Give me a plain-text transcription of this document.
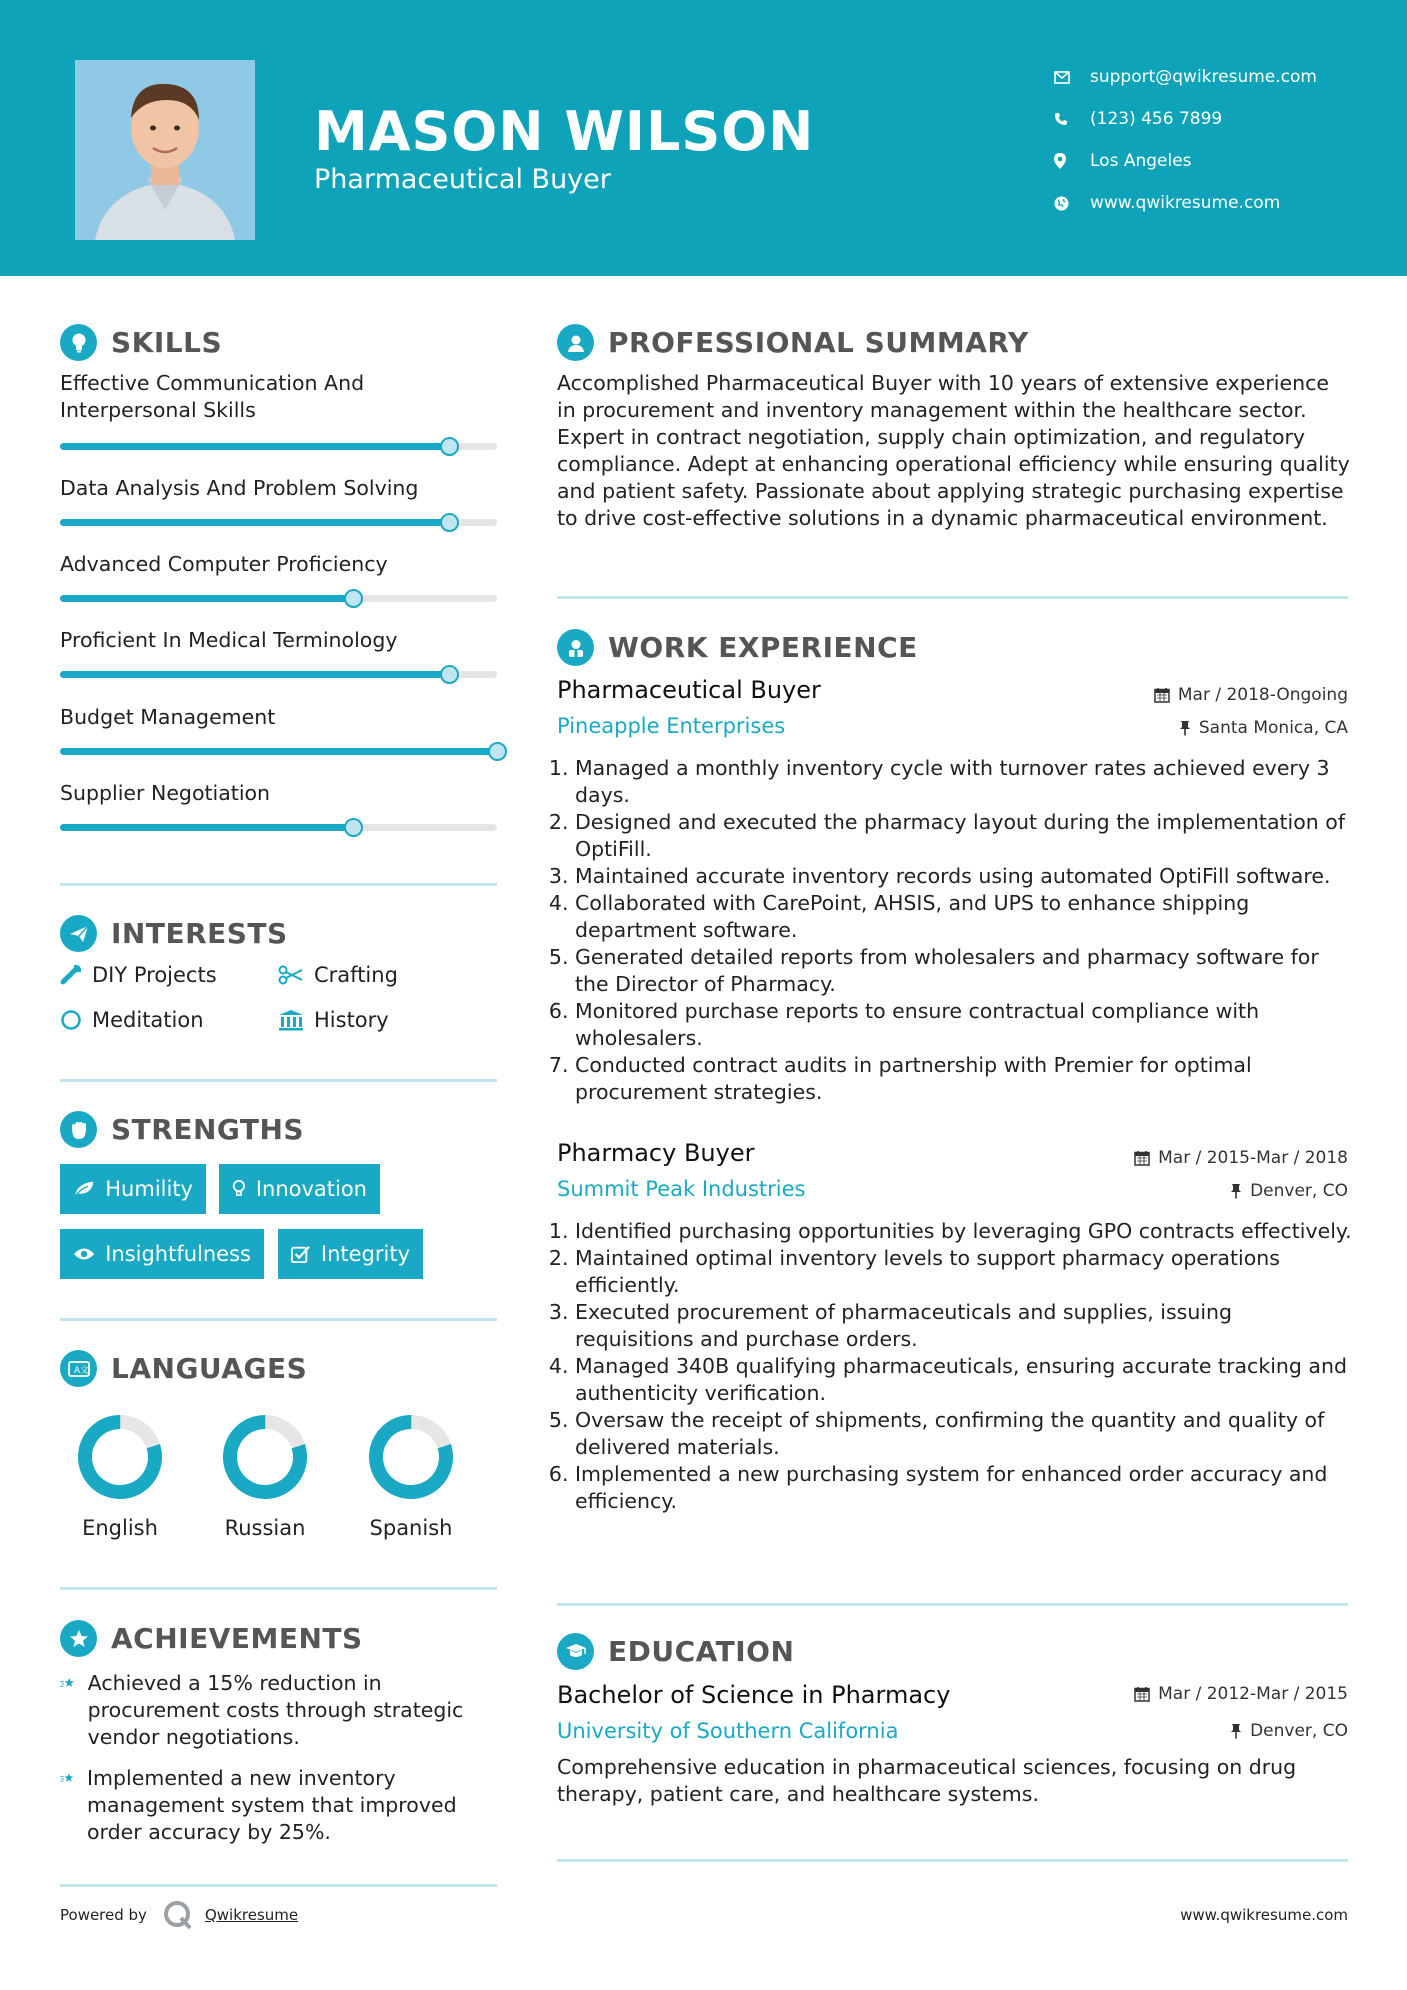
MASON WILSON
Pharmaceutical Buyer
support@qwikresume.com
(123) 456 7899
Los Angeles
www.qwikresume.com
SKILLS
Effective Communication And Interpersonal Skills
Data Analysis And Problem Solving
Advanced Computer Proficiency
Proficient In Medical Terminology
Budget Management
Supplier Negotiation
INTERESTS
DIY Projects	Crafting
Meditation	History
STRENGTHS
Humility	Innovation
Insightfulness	Integrity
A 文 LANGUAGES
English	Russian	Spanish
ACHIEVEMENTS
Achieved a 15% reduction in procurement costs through strategic vendor negotiations.
Implemented a new inventory management system that improved order accuracy by 25%.
PROFESSIONAL SUMMARY
Accomplished Pharmaceutical Buyer with 10 years of extensive experience in procurement and inventory management within the healthcare sector. Expert in contract negotiation, supply chain optimization, and regulatory compliance. Adept at enhancing operational efficiency while ensuring quality and patient safety. Passionate about applying strategic purchasing expertise to drive cost-effective solutions in a dynamic pharmaceutical environment.
WORK EXPERIENCE
Pharmaceutical Buyer	Mar / 2018-Ongoing
Pineapple Enterprises	Santa Monica, CA
1. Managed a monthly inventory cycle with turnover rates achieved every 3 days.
2. Designed and executed the pharmacy layout during the implementation of OptiFill.
3. Maintained accurate inventory records using automated OptiFill software.
4. Collaborated with CarePoint, AHSIS, and UPS to enhance shipping department software.
5. Generated detailed reports from wholesalers and pharmacy software for the Director of Pharmacy.
6. Monitored purchase reports to ensure contractual compliance with wholesalers.
7. Conducted contract audits in partnership with Premier for optimal procurement strategies.
Pharmacy Buyer	Mar / 2015-Mar / 2018
Summit Peak Industries	Denver, CO
1. Identified purchasing opportunities by leveraging GPO contracts effectively.
2. Maintained optimal inventory levels to support pharmacy operations efficiently.
3. Executed procurement of pharmaceuticals and supplies, issuing requisitions and purchase orders.
4. Managed 340B qualifying pharmaceuticals, ensuring accurate tracking and authenticity verification.
5. Oversaw the receipt of shipments, confirming the quantity and quality of delivered materials.
6. Implemented a new purchasing system for enhanced order accuracy and efficiency.
EDUCATION
Bachelor of Science in Pharmacy	Mar / 2012-Mar / 2015
University of Southern California	Denver, CO
Comprehensive education in pharmaceutical sciences, focusing on drug therapy, patient care, and healthcare systems.
Powered by	Qwikresume	www.qwikresume.com
